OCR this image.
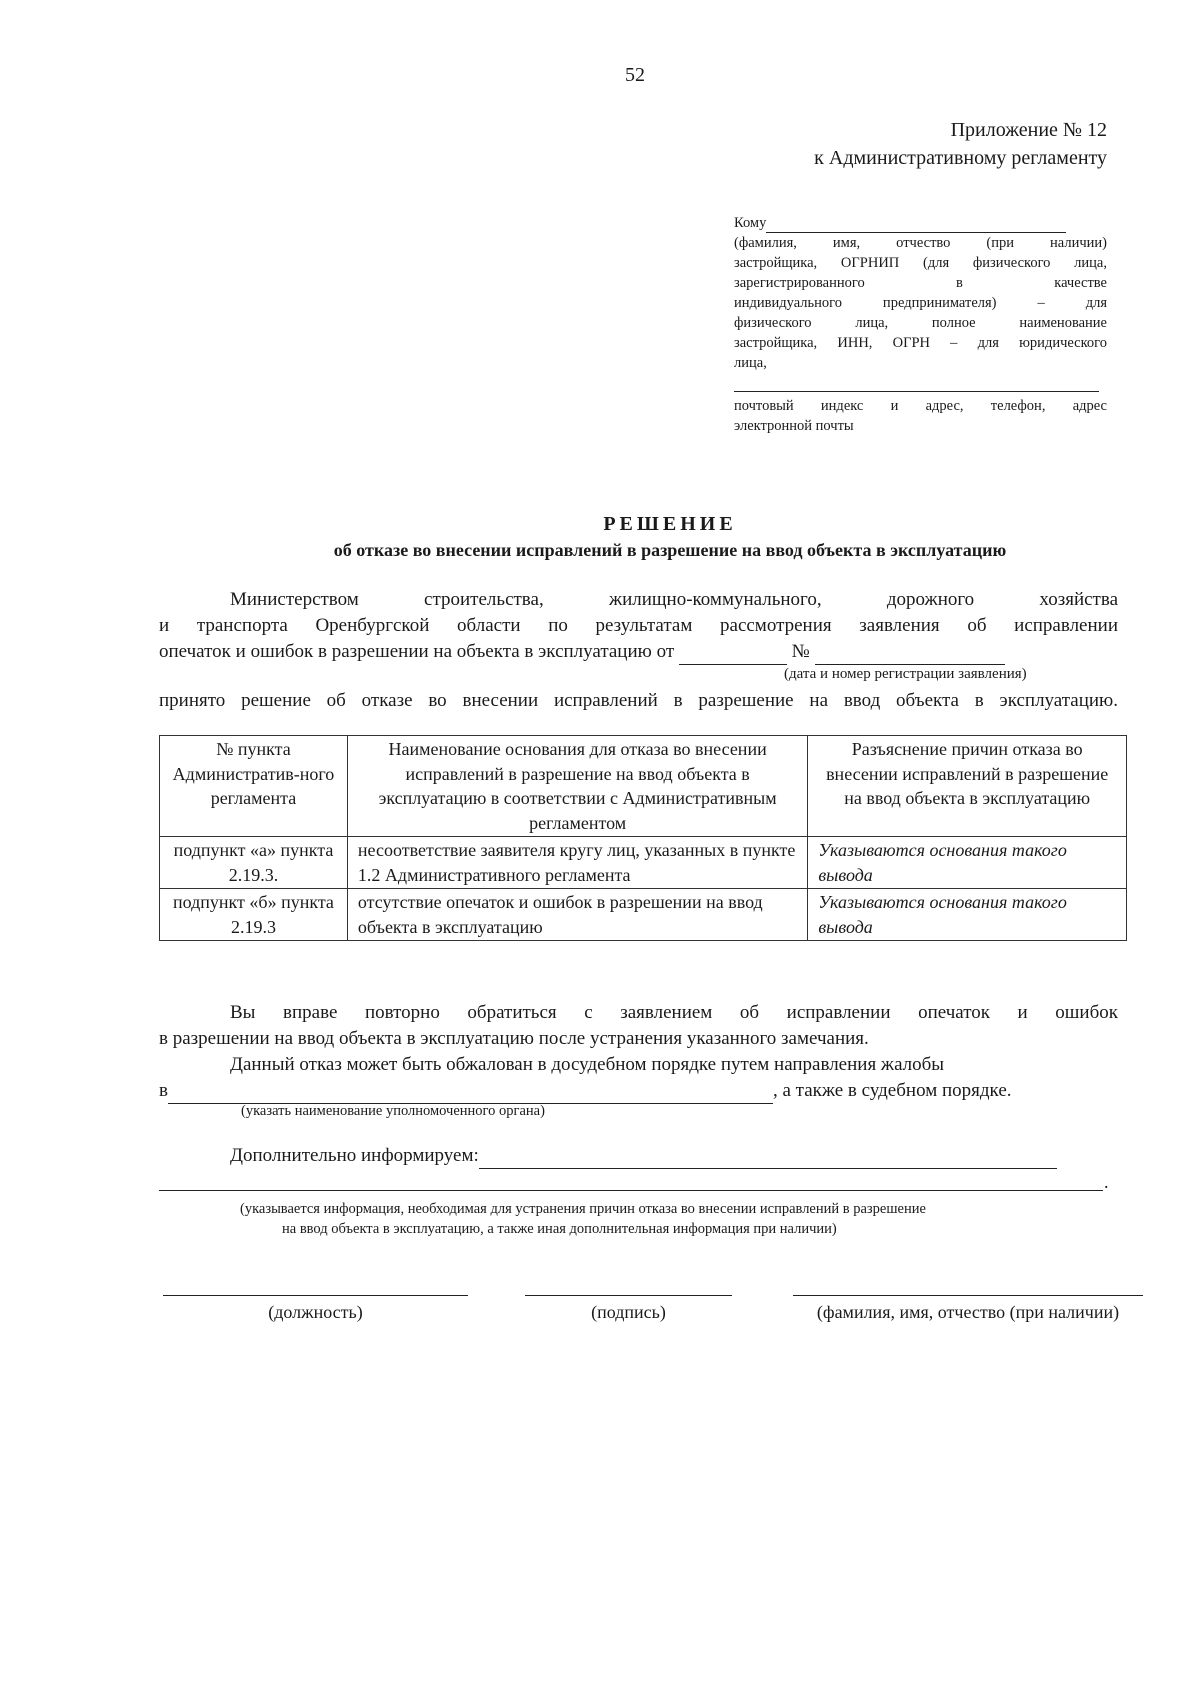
52
Приложение № 12
к Административному регламенту
Кому
(фамилия, имя, отчество (при наличии)
застройщика, ОГРНИП (для физического лица,
зарегистрированного в качестве
индивидуального предпринимателя) – для
физического лица, полное наименование
застройщика, ИНН, ОГРН – для юридического
лица,
почтовый индекс и адрес, телефон, адрес
электронной почты
РЕШЕНИЕ
об отказе во внесении исправлений в разрешение на ввод объекта в эксплуатацию
Министерством строительства, жилищно-коммунального, дорожного хозяйства
и транспорта Оренбургской области по результатам рассмотрения заявления об исправлении
опечаток и ошибок в разрешении на объекта в эксплуатацию от	№
(дата и номер регистрации заявления)
принято решение об отказе во внесении исправлений в разрешение на ввод объекта в эксплуатацию.
№ пункта Административ-ного регламента	Наименование основания для отказа во внесении исправлений в разрешение на ввод объекта в эксплуатацию в соответствии с Административным регламентом	Разъяснение причин отказа во внесении исправлений в разрешение на ввод объекта в эксплуатацию
подпункт «а» пункта 2.19.3.	несоответствие заявителя кругу лиц, указанных в пункте 1.2 Административного регламента	Указываются основания такого вывода
подпункт «б» пункта 2.19.3	отсутствие опечаток и ошибок в разрешении на ввод объекта в эксплуатацию	Указываются основания такого вывода
Вы вправе повторно обратиться с заявлением об исправлении опечаток и ошибок
в разрешении на ввод объекта в эксплуатацию после устранения указанного замечания.
Данный отказ может быть обжалован в досудебном порядке путем направления жалобы
в	, а также в судебном порядке.
(указать наименование уполномоченного органа)
Дополнительно информируем:
.
(указывается информация, необходимая для устранения причин отказа во внесении исправлений в разрешение
на ввод объекта в эксплуатацию, а также иная дополнительная информация при наличии)
(должность)	(подпись)	(фамилия, имя, отчество (при наличии)
